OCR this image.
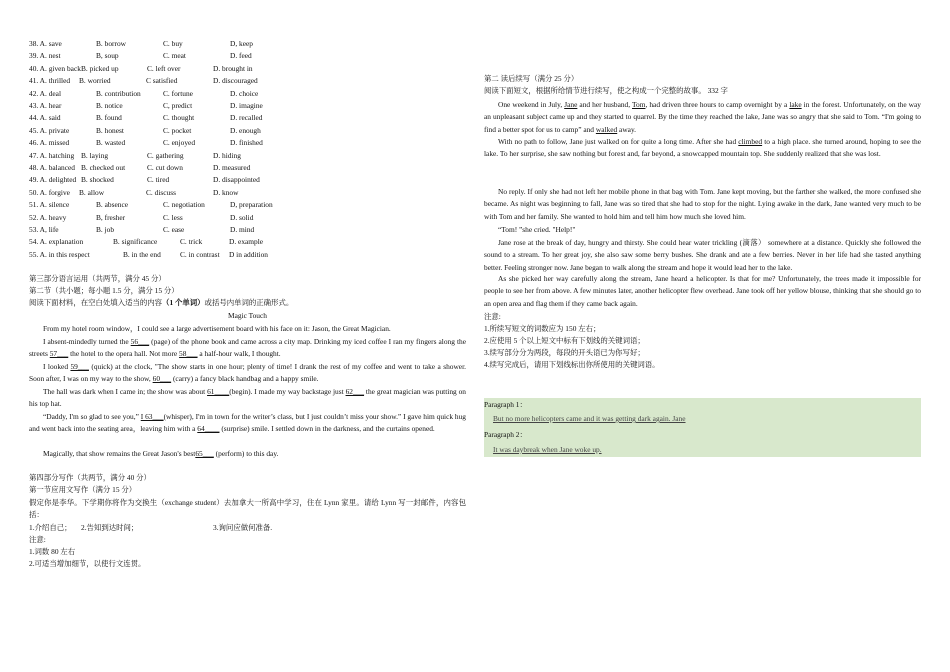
38. A. save	B. borrow	C. buy	D, keep
39. A. nest	B, soup	C. meat	D. feed
40. A. given back B. picked up	C. left over	D. brought in
41. A. thrilled B. worried	C satisfied	D. discouraged
42. A. deal	B. contribution	C. fortune	D. choice
43. A. hear	B. notice	C, predict	D. imagine
44. A. said	B. found	C. thought	D. recalled
45. A. private	B. honest	C. pocket	D. enough
46. A. missed	B. wasted	C. enjoyed	D. finished
47. A. hatching B. laying	C. gathering	D. hiding
48. A. balanced B. checked out	C. cut down	D. measured
49. A. delighted B. shocked	C. tired	D. disappointed
50. A. forgive B. allow	C. discuss	D. know
51. A. silence	B. absence	C. negotiation	D, preparation
52. A. heavy	B, fresher	C. less	D. solid
53. A, life	B. job	C. ease	D. mind
54. A. explanation	B. significance	C. trick	D. example
55. A. in this respect	B. in the end	C. in contrast D in addition
第三部分语言运用（共两节，满分 45 分）
第二节（共小题；每小题 1.5 分，满分 15 分）
阅读下面材料，在空白处填入适当的内容（1 个单词）或括号内单词的正确形式。
Magic Touch

From my hotel room window，I could see a large advertisement board with his face on it: Jason, the Great Magician.

I absent-mindedly turned the 56___ (page) of the phone book and came across a city map. Drinking my iced coffee I ran my fingers along the streets 57___ the hotel to the opera hall. Not more 58___ a half-hour walk, I thought.

I looked 59___ (quick) at the clock, "The show starts in one hour; plenty of time! I drank the rest of my coffee and went to take a shower. Soon after, I was on my way to the show, 60___ (carry) a fancy black handbag and a happy smile.

The hall was dark when I came in; the show was about 61____(begin). I made my way backstage just 62___ the great magician was putting on his top hat.

“Daddy, I'm so glad to see you,” I 63___(whisper), I'm in town for the writer’s class, but I just couldn’t miss your show.” I gave him quick hug and went back into the seating area，leaving him with a 64____ (surprise) smile. I settled down in the darkness, and the curtains opened.

Magically, that show remains the Great Jason's best65___ (perform) to this day.

第四部分写作（共两节，满分 40 分）
第一节应用文写作（满分 15 分）

假定你是李华。下学期你将作为交换生（exchange student）去加拿大一所高中学习，住在 Lynn 家里。请给 Lynn 写一封邮件，内容包括：

1.介绍自己； 2.告知到达时间；	3.询问应做何准备.
注意:
1.词数 80 左右
2.可适当增加细节，以使行文连贯。
第二 读后续写（满分 25 分）
阅读下面短文，根据所给情节进行续写，使之构成一个完整的故事。 332 字

One weekend in July, Jane and her husband, Tom, had driven three hours to camp overnight by a lake in the forest. Unfortunately, on the way an unpleasant subject came up and they started to quarrel. By the time they reached the lake, Jane was so angry that she said to Tom. “I'm going to find a better spot for us to camp” and walked away.

With no path to follow, Jane just walked on for quite a long time. After she had climbed to a high place. she turned around, hoping to see the lake. To her surprise, she saw nothing but forest and, far beyond, a snowcapped mountain top. She suddenly realized that she was lost.

No reply. If only she had not left her mobile phone in that bag with Tom. Jane kept moving, but the farther she walked, the more confused she became. As night was beginning to fall, Jane was so tired that she had to stop for the night. Lying awake in the dark, Jane wanted very much to be with Tom and her family. She wanted to hold him and tell him how much she loved him.

“Tom! ”she cried. "Help!"

Jane rose at the break of day, hungry and thirsty. She could hear water trickling (滴落） somewhere at a distance. Quickly she followed the sound to a stream. To her great joy, she also saw some berry bushes. She drank and ate a few berries. Never in her life had she tasted anything better. Feeling stronger now. Jane began to walk along the stream and hope it would lead her to the lake.

As she picked her way carefully along the stream, Jane heard a helicopter. Is that for me? Unfortunately, the trees made it impossible for people to see her from above. A few minutes later, another helicopter flew overhead. Jane took off her yellow blouse, thinking that she should go to an open area and flag them if they came back again.

注意:
1.所续写短文的词数应为 150 左右；
2.应使用 5 个以上短文中标有下划线的关键词语；
3.续写部分分为两段，每段的开头语已为你写好；
4.续写完成后，请用下划线标出你所使用的关键词语。
Paragraph 1：
But no more helicopters came and it was getting dark again. Jane
Paragraph 2：
It was daybreak when Jane woke up.
